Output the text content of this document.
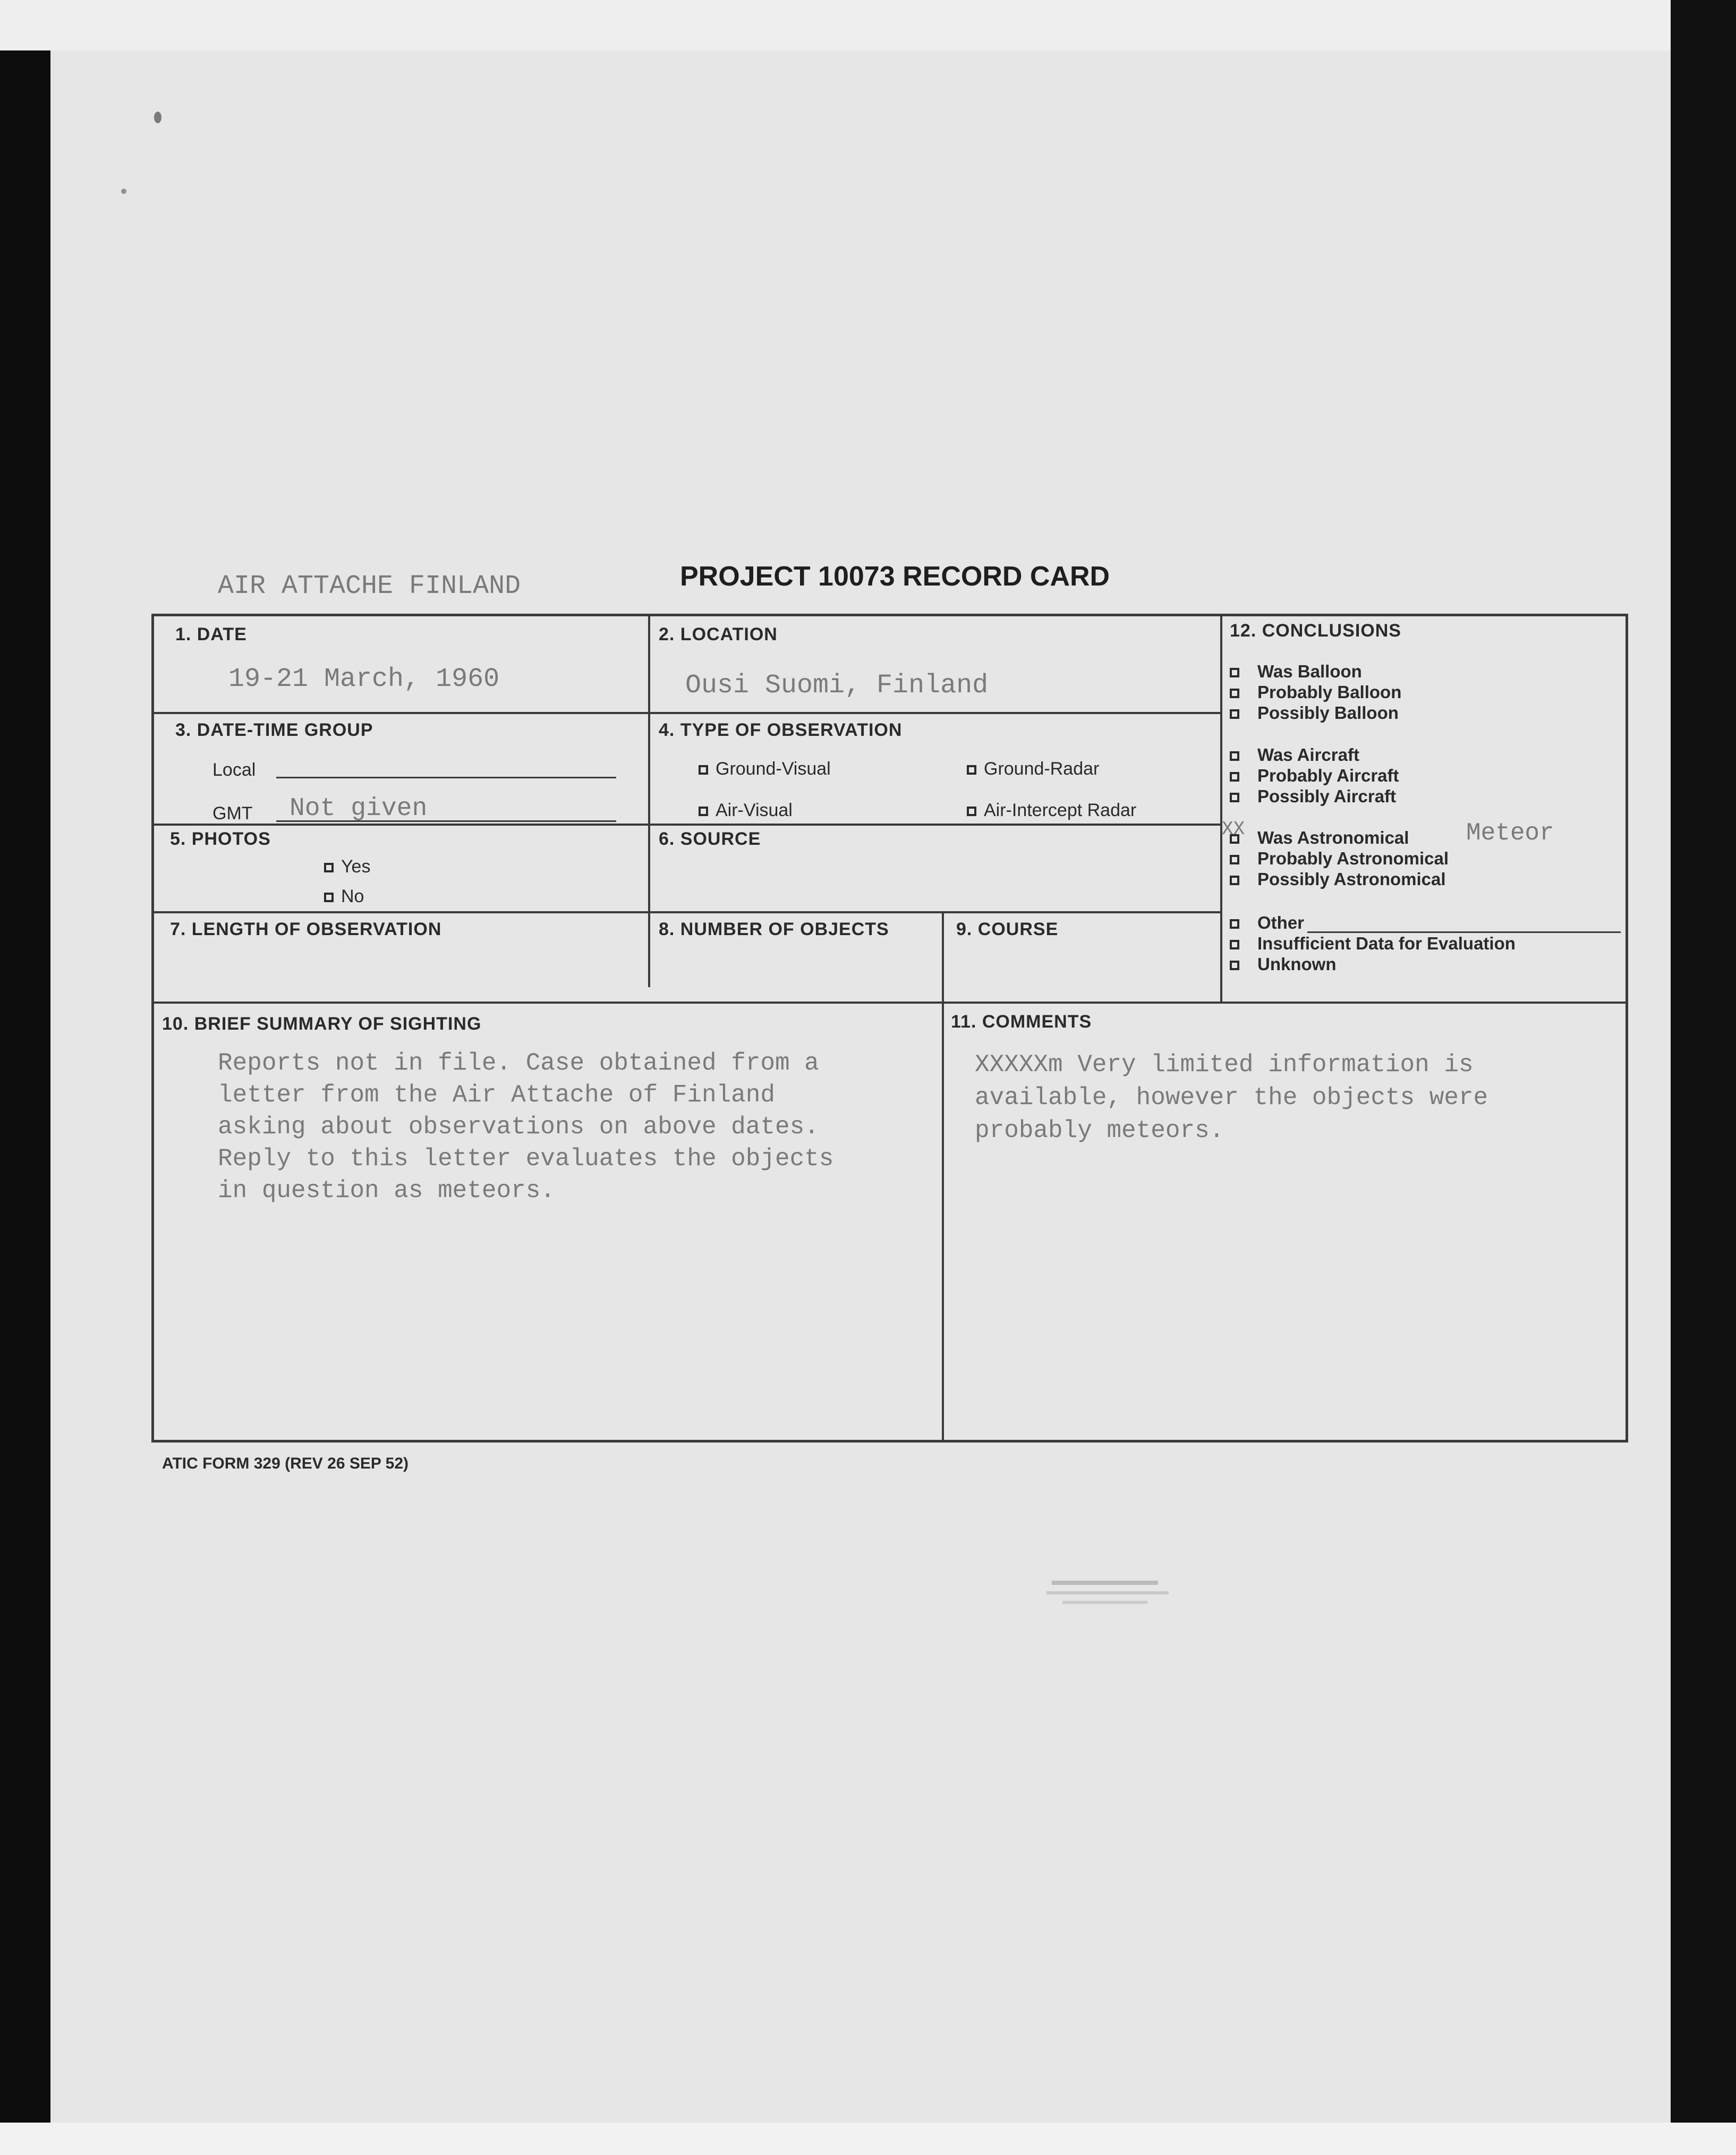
AIR ATTACHE FINLAND	PROJECT 10073 RECORD CARD
1. DATE
19-21 March, 1960
2. LOCATION
Ousi Suomi, Finland
3. DATE-TIME GROUP
Local
GMT Not given
4. TYPE OF OBSERVATION
Ground-Visual	Ground-Radar
Air-Visual	Air-Intercept Radar
5. PHOTOS
Yes
No
6. SOURCE
7. LENGTH OF OBSERVATION	8. NUMBER OF OBJECTS	9. COURSE
10. BRIEF SUMMARY OF SIGHTING
Reports not in file. Case obtained from a
letter from the Air Attache of Finland
asking about observations on above dates.
Reply to this letter evaluates the objects
in question as meteors.
11. COMMENTS
XXXXXm Very limited information is
available, however the objects were
probably meteors.
12. CONCLUSIONS
Was Balloon
Probably Balloon
Possibly Balloon
Was Aircraft
Probably Aircraft
Possibly Aircraft
XX Was Astronomical Meteor
Probably Astronomical
Possibly Astronomical
Other
Insufficient Data for Evaluation
Unknown
ATIC FORM 329 (REV 26 SEP 52)
